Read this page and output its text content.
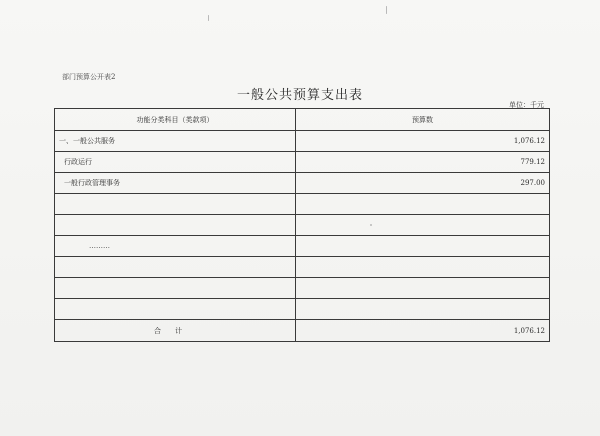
部门预算公开表2
一般公共预算支出表
单位：千元
功能分类科目（类款项）	预算数
一、一般公共服务	1,076.12
行政运行	779.12
一般行政管理事务	297.00

………	

合计	1,076.12
